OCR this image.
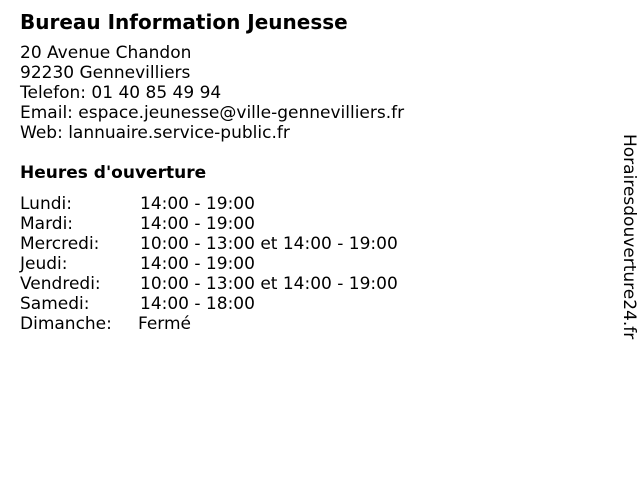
Bureau Information Jeunesse
20 Avenue Chandon
92230 Gennevilliers
Telefon: 01 40 85 49 94
Email: espace.jeunesse@ville-gennevilliers.fr
Web: lannuaire.service-public.fr
Heures d'ouverture
Lundi:	14:00 - 19:00
Mardi:	14:00 - 19:00
Mercredi: 10:00 - 13:00 et 14:00 - 19:00
Jeudi:	14:00 - 19:00
Vendredi: 10:00 - 13:00 et 14:00 - 19:00
Samedi:	14:00 - 18:00
Dimanche: Fermé	Horairesdouverture24.fr
